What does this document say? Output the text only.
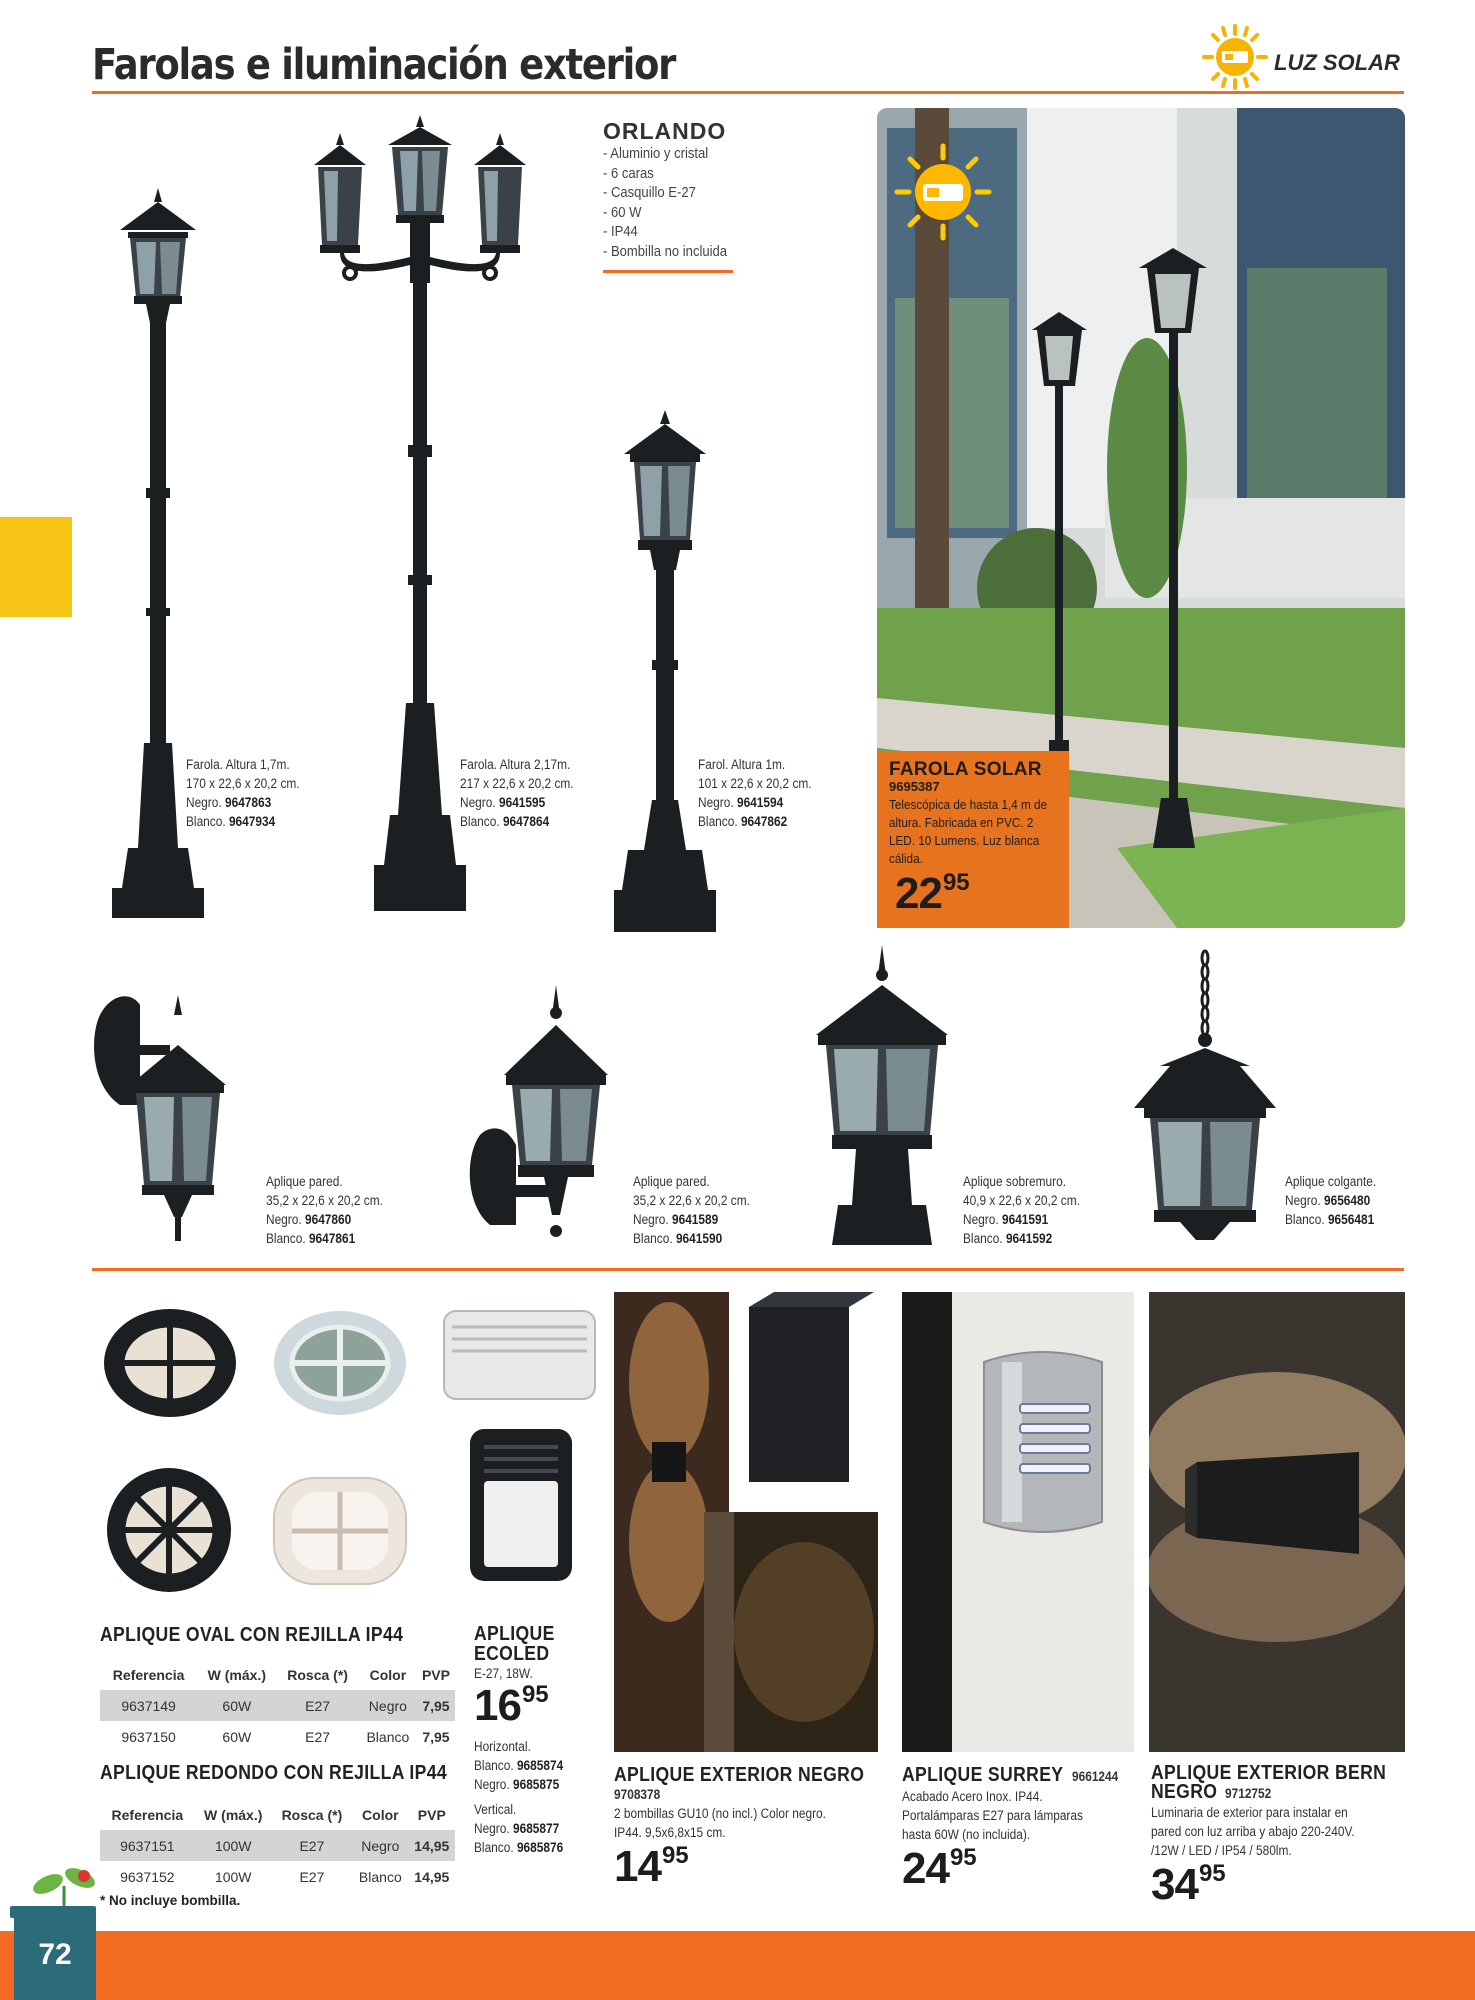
Farolas e iluminación exterior	LUZ SOLAR
ORLANDO
- Aluminio y cristal
- 6 caras
- Casquillo E-27
- 60 W
- IP44
- Bombilla no incluida
Farola. Altura 1,7m.
170 x 22,6 x 20,2 cm.
Negro. 9647863
Blanco. 9647934
Farola. Altura 2,17m.
217 x 22,6 x 20,2 cm.
Negro. 9641595
Blanco. 9647864
Farol. Altura 1m.
101 x 22,6 x 20,2 cm.
Negro. 9641594
Blanco. 9647862
FAROLA SOLAR
9695387
Telescópica de hasta 1,4 m de altura. Fabricada en PVC. 2 LED. 10 Lumens. Luz blanca cálida.
2295
Aplique pared.
35,2 x 22,6 x 20,2 cm.
Negro. 9647860
Blanco. 9647861
Aplique pared.
35,2 x 22,6 x 20,2 cm.
Negro. 9641589
Blanco. 9641590
Aplique sobremuro.
40,9 x 22,6 x 20,2 cm.
Negro. 9641591
Blanco. 9641592
Aplique colgante.
Negro. 9656480
Blanco. 9656481
APLIQUE OVAL CON REJILLA IP44
Referencia	W (máx.)	Rosca (*)	Color	PVP
9637149	60W	E27	Negro	7,95
9637150	60W	E27	Blanco	7,95
APLIQUE REDONDO CON REJILLA IP44
Referencia	W (máx.)	Rosca (*)	Color	PVP
9637151	100W	E27	Negro	14,95
9637152	100W	E27	Blanco	14,95
* No incluye bombilla.
APLIQUE
ECOLED
E-27, 18W.
1695
Horizontal.
Blanco. 9685874
Negro. 9685875
Vertical.
Negro. 9685877
Blanco. 9685876
APLIQUE EXTERIOR NEGRO
9708378
2 bombillas GU10 (no incl.) Color negro.
IP44. 9,5x6,8x15 cm.
1495
APLIQUE SURREY 9661244
Acabado Acero Inox. IP44.
Portalámparas E27 para lámparas
hasta 60W (no incluida).
2495
APLIQUE EXTERIOR BERN
NEGRO 9712752
Luminaria de exterior para instalar en
pared con luz arriba y abajo 220-240V.
/12W / LED / IP54 / 580lm.
3495
72
